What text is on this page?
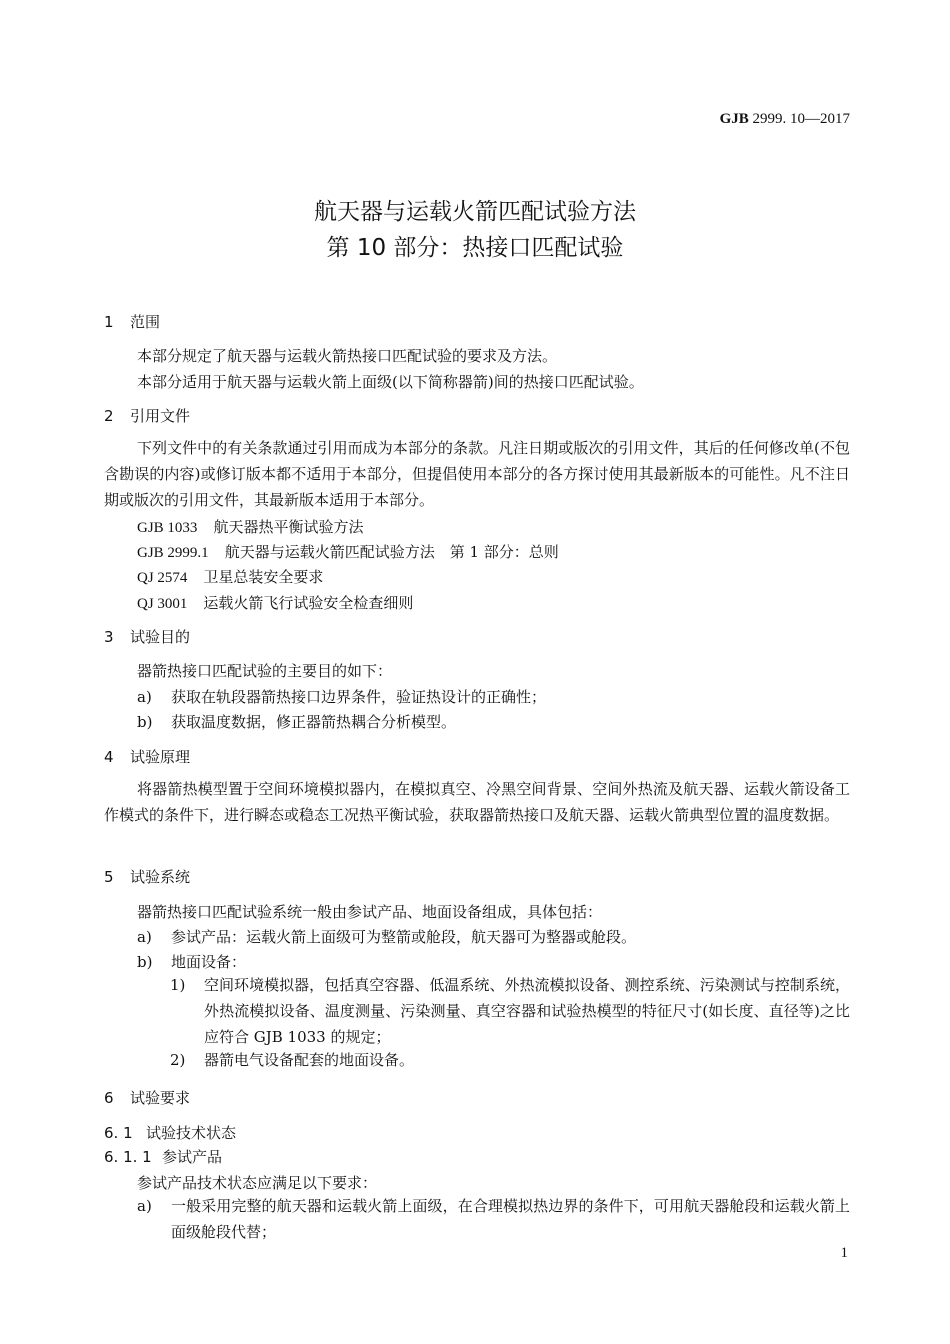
GJB 2999. 10—2017
航天器与运载火箭匹配试验方法
第 10 部分：热接口匹配试验
1 范围
本部分规定了航天器与运载火箭热接口匹配试验的要求及方法。
本部分适用于航天器与运载火箭上面级(以下简称器箭)间的热接口匹配试验。
2 引用文件
下列文件中的有关条款通过引用而成为本部分的条款。凡注日期或版次的引用文件，其后的任何修改单(不包含勘误的内容)或修订版本都不适用于本部分，但提倡使用本部分的各方探讨使用其最新版本的可能性。凡不注日期或版次的引用文件，其最新版本适用于本部分。
GJB 1033 航天器热平衡试验方法
GJB 2999.1 航天器与运载火箭匹配试验方法　第 1 部分：总则
QJ 2574 卫星总装安全要求
QJ 3001 运载火箭飞行试验安全检查细则
3 试验目的
器箭热接口匹配试验的主要目的如下：
a) 获取在轨段器箭热接口边界条件，验证热设计的正确性；
b) 获取温度数据，修正器箭热耦合分析模型。
4 试验原理
将器箭热模型置于空间环境模拟器内，在模拟真空、冷黑空间背景、空间外热流及航天器、运载火箭设备工作模式的条件下，进行瞬态或稳态工况热平衡试验，获取器箭热接口及航天器、运载火箭典型位置的温度数据。
5 试验系统
器箭热接口匹配试验系统一般由参试产品、地面设备组成，具体包括：
a) 参试产品：运载火箭上面级可为整箭或舱段，航天器可为整器或舱段。
b) 地面设备：
1) 空间环境模拟器，包括真空容器、低温系统、外热流模拟设备、测控系统、污染测试与控制系统，外热流模拟设备、温度测量、污染测量、真空容器和试验热模型的特征尺寸(如长度、直径等)之比应符合 GJB 1033 的规定；
2) 器箭电气设备配套的地面设备。
6 试验要求
6. 1 试验技术状态
6. 1. 1 参试产品
参试产品技术状态应满足以下要求：
a) 一般采用完整的航天器和运载火箭上面级，在合理模拟热边界的条件下，可用航天器舱段和运载火箭上面级舱段代替；
1
